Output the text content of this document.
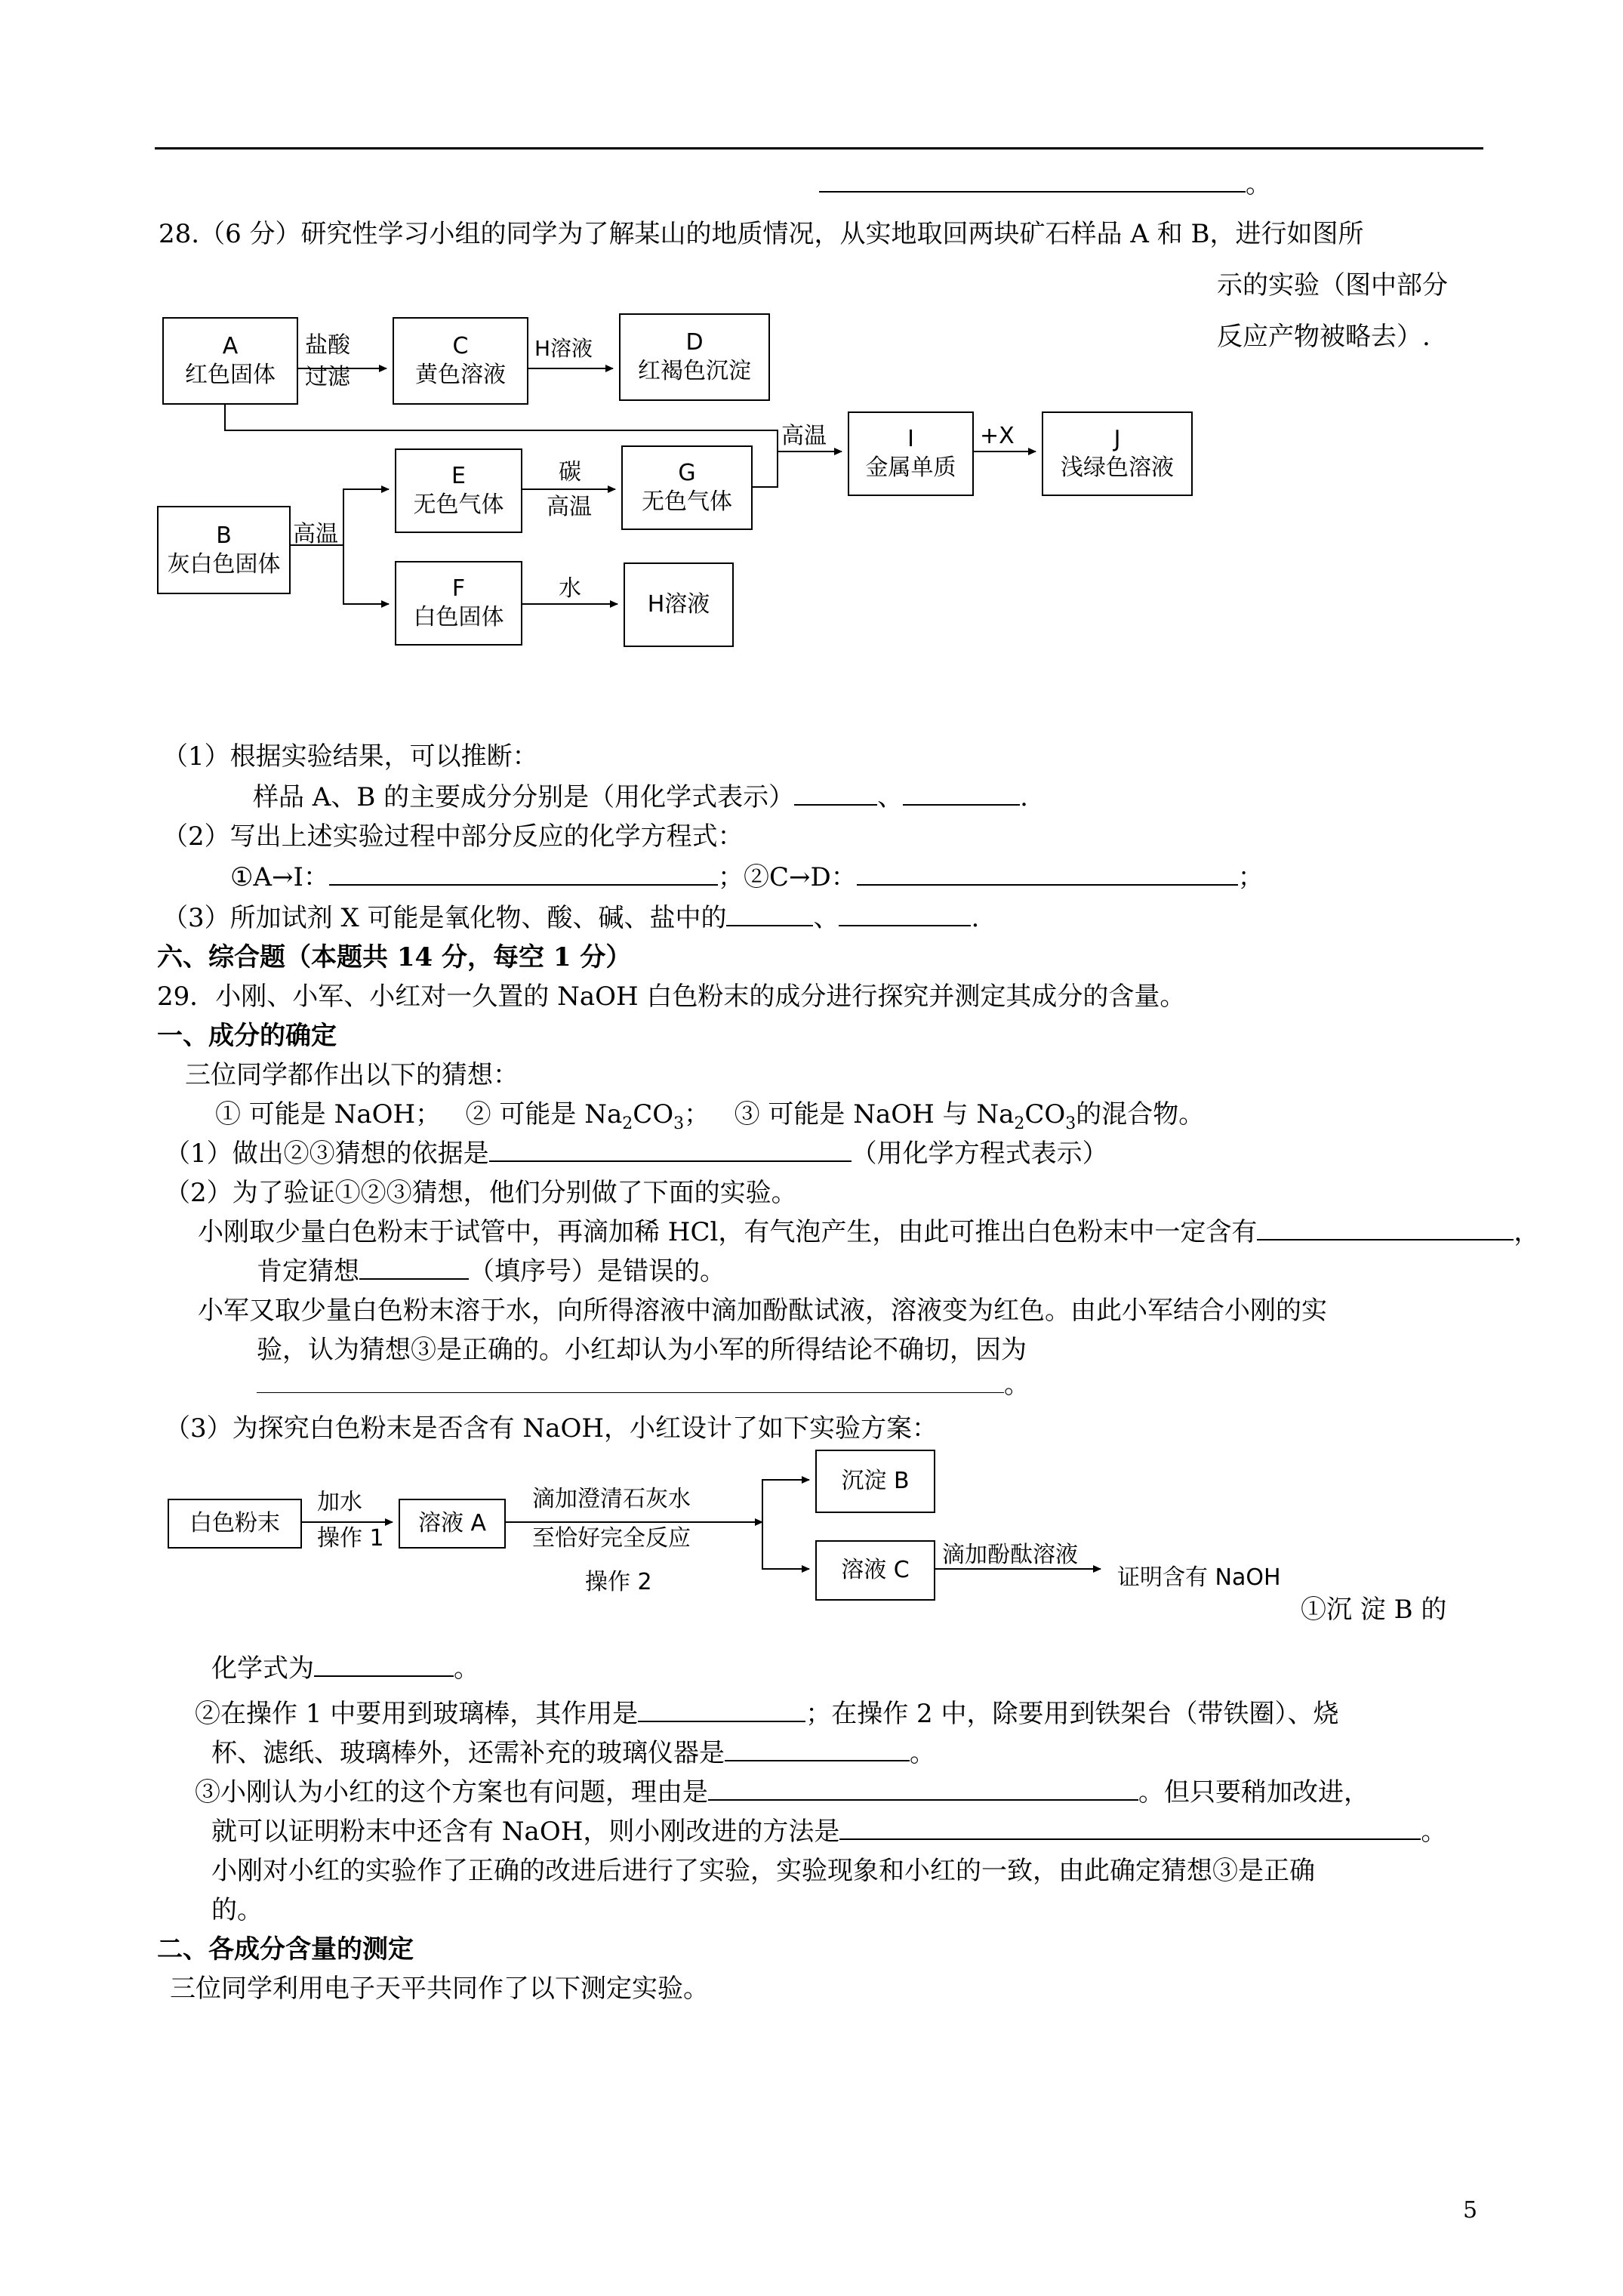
。
28.（6 分）研究性学习小组的同学为了解某山的地质情况，从实地取回两块矿石样品 A 和 B，进行如图所
示的实验（图中部分
反应产物被略去）.
A
红色固体
盐酸
过滤
C
黄色溶液
H溶液	D
红褐色沉淀
高温	I
金属单质
+X	J
浅绿色溶液
B
灰白色固体
高温
E
无色气体
碳
高温
G
无色气体
F
白色固体
水
H溶液
（1）根据实验结果，可以推断：
样品 A、B 的主要成分分别是（用化学式表示）	、	.
（2）写出上述实验过程中部分反应的化学方程式：
①A→I：	；②C→D：	；
（3）所加试剂 X 可能是氧化物、酸、碱、盐中的	、	.
六、综合题（本题共 14 分，每空 1 分）
29．小刚、小军、小红对一久置的 NaOH 白色粉末的成分进行探究并测定其成分的含量。
一、成分的确定
三位同学都作出以下的猜想：
① 可能是 NaOH； ② 可能是 $Na_2CO_3$； ③ 可能是 NaOH 与 $Na_2CO_3$的混合物。
（1）做出②③猜想的依据是	（用化学方程式表示）
（2）为了验证①②③猜想，他们分别做了下面的实验。
小刚取少量白色粉末于试管中，再滴加稀 HCl，有气泡产生，由此可推出白色粉末中一定含有	，
肯定猜想	（填序号）是错误的。
小军又取少量白色粉末溶于水，向所得溶液中滴加酚酞试液，溶液变为红色。由此小军结合小刚的实
验，认为猜想③是正确的。小红却认为小军的所得结论不确切，因为
。
（3）为探究白色粉末是否含有 NaOH，小红设计了如下实验方案：
白色粉末
加水
操作 1
溶液 A
滴加澄清石灰水
至恰好完全反应
操作 2
沉淀 B
溶液 C
滴加酚酞溶液
证明含有 NaOH
①沉 淀 B 的
化学式为	。
②在操作 1 中要用到玻璃棒，其作用是	；在操作 2 中，除要用到铁架台（带铁圈）、烧
杯、滤纸、玻璃棒外，还需补充的玻璃仪器是	。
③小刚认为小红的这个方案也有问题，理由是	。但只要稍加改进，
就可以证明粉末中还含有 NaOH，则小刚改进的方法是	。
小刚对小红的实验作了正确的改进后进行了实验，实验现象和小红的一致，由此确定猜想③是正确
的。
二、各成分含量的测定
三位同学利用电子天平共同作了以下测定实验。
5
